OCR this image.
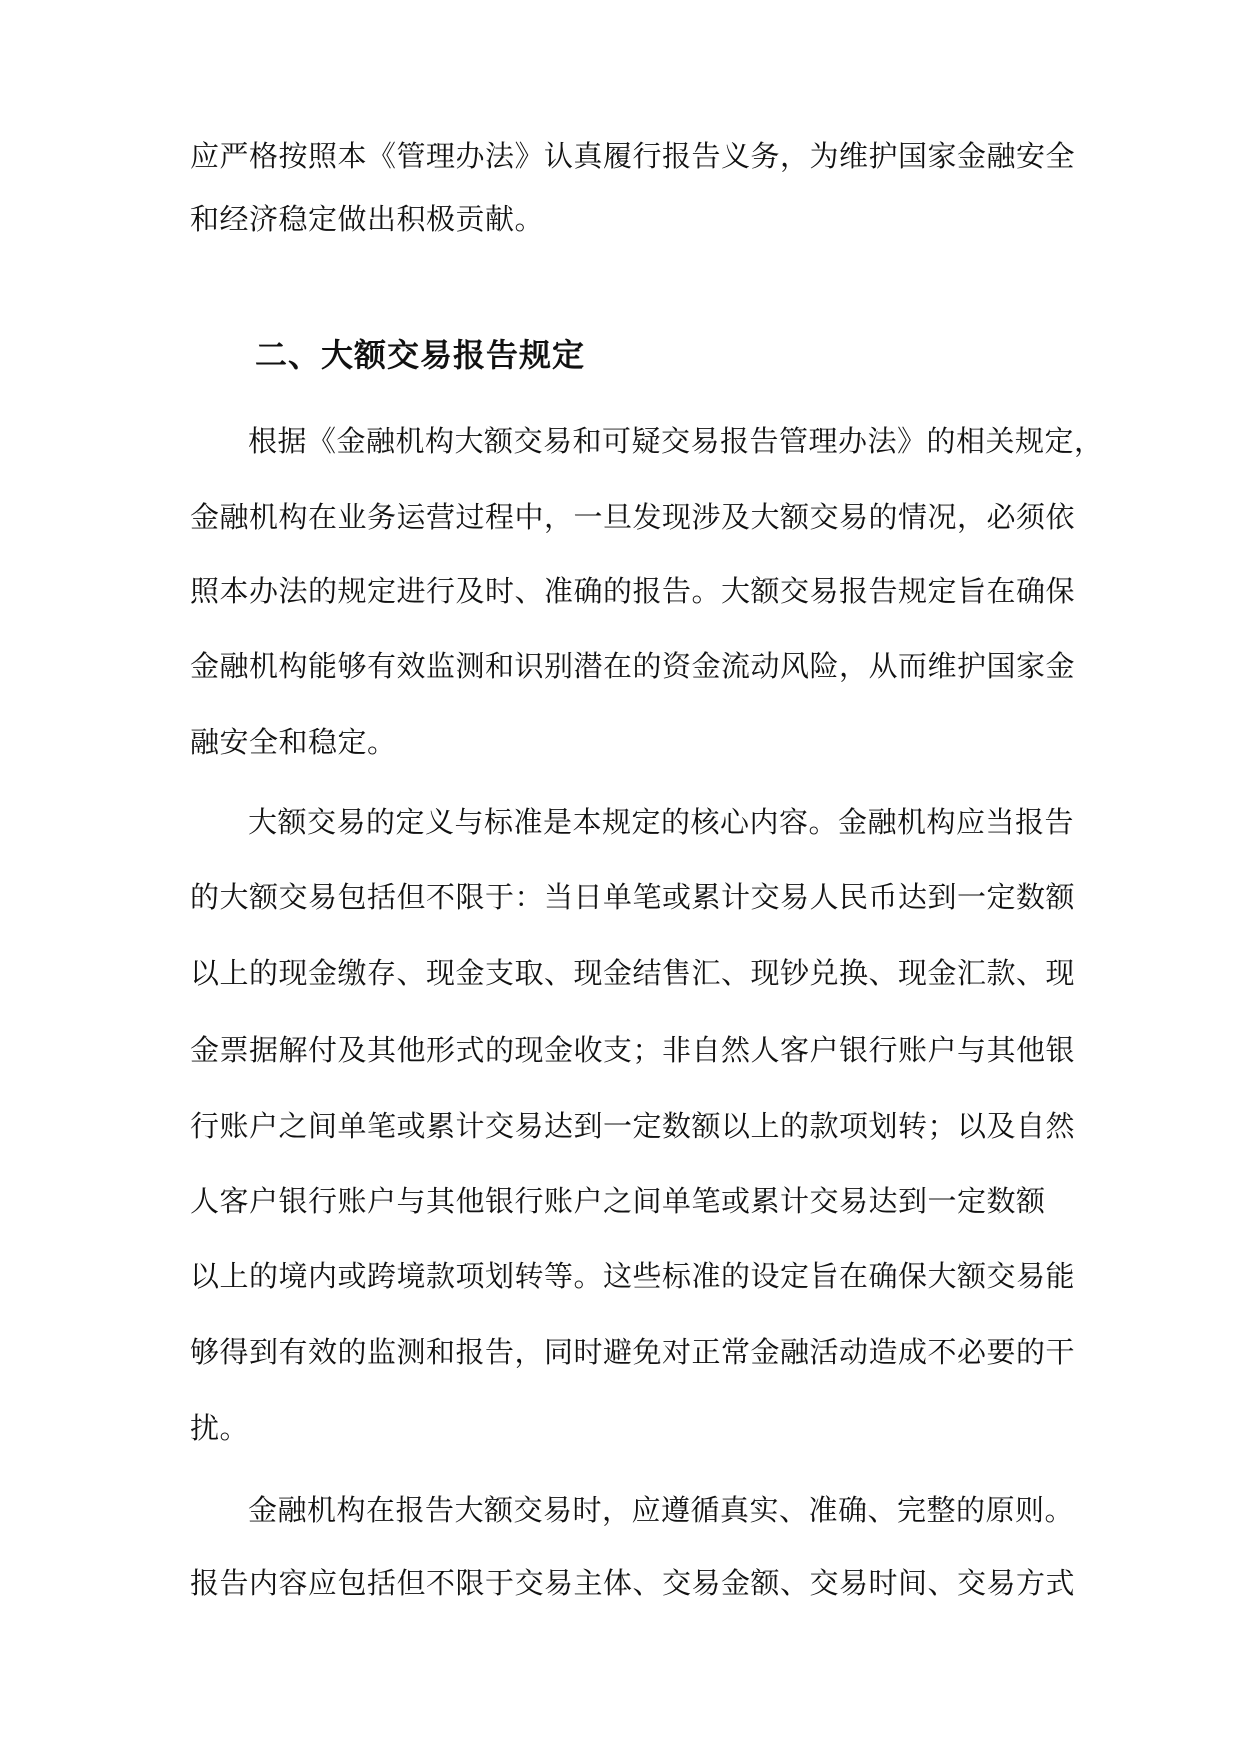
应严格按照本《管理办法》认真履行报告义务，为维护国家金融安全
和经济稳定做出积极贡献。
二、大额交易报告规定
根据《金融机构大额交易和可疑交易报告管理办法》的相关规定，
金融机构在业务运营过程中，一旦发现涉及大额交易的情况，必须依
照本办法的规定进行及时、准确的报告。大额交易报告规定旨在确保
金融机构能够有效监测和识别潜在的资金流动风险，从而维护国家金
融安全和稳定。
大额交易的定义与标准是本规定的核心内容。金融机构应当报告
的大额交易包括但不限于：当日单笔或累计交易人民币达到一定数额
以上的现金缴存、现金支取、现金结售汇、现钞兑换、现金汇款、现
金票据解付及其他形式的现金收支；非自然人客户银行账户与其他银
行账户之间单笔或累计交易达到一定数额以上的款项划转；以及自然
人客户银行账户与其他银行账户之间单笔或累计交易达到一定数额
以上的境内或跨境款项划转等。这些标准的设定旨在确保大额交易能
够得到有效的监测和报告，同时避免对正常金融活动造成不必要的干
扰。
金融机构在报告大额交易时，应遵循真实、准确、完整的原则。
报告内容应包括但不限于交易主体、交易金额、交易时间、交易方式
